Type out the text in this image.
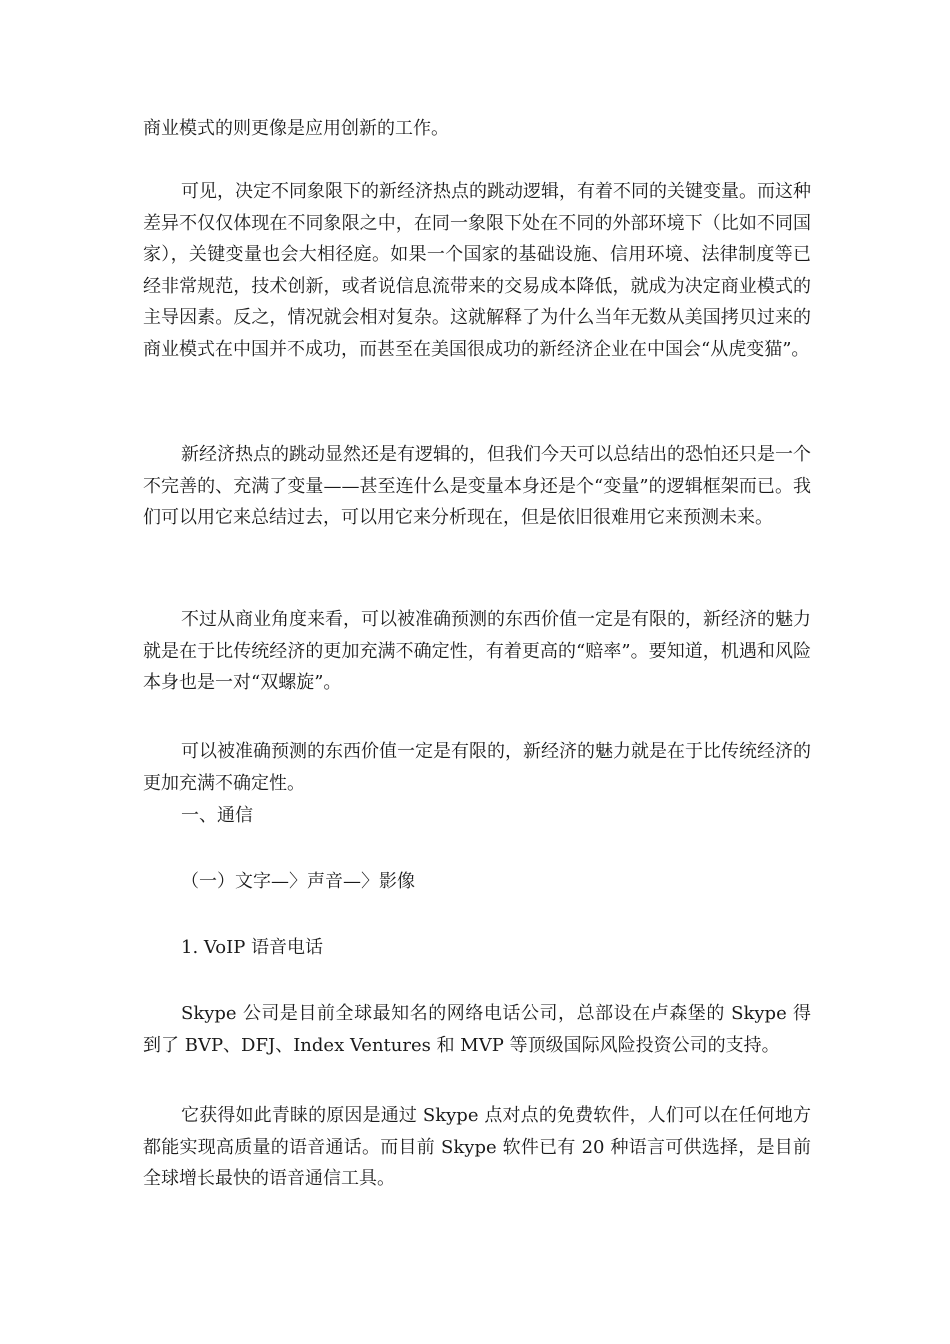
商业模式的则更像是应用创新的工作。

可见，决定不同象限下的新经济热点的跳动逻辑，有着不同的关键变量。而这种差异不仅仅体现在不同象限之中，在同一象限下处在不同的外部环境下（比如不同国家），关键变量也会大相径庭。如果一个国家的基础设施、信用环境、法律制度等已经非常规范，技术创新，或者说信息流带来的交易成本降低，就成为决定商业模式的主导因素。反之，情况就会相对复杂。这就解释了为什么当年无数从美国拷贝过来的商业模式在中国并不成功，而甚至在美国很成功的新经济企业在中国会“从虎变猫”。

新经济热点的跳动显然还是有逻辑的，但我们今天可以总结出的恐怕还只是一个不完善的、充满了变量——甚至连什么是变量本身还是个“变量”的逻辑框架而已。我们可以用它来总结过去，可以用它来分析现在，但是依旧很难用它来预测未来。

不过从商业角度来看，可以被准确预测的东西价值一定是有限的，新经济的魅力就是在于比传统经济的更加充满不确定性，有着更高的“赔率”。要知道，机遇和风险本身也是一对“双螺旋”。

可以被准确预测的东西价值一定是有限的，新经济的魅力就是在于比传统经济的更加充满不确定性。

一、通信

（一）文字—〉声音—〉影像

1. VoIP 语音电话

Skype 公司是目前全球最知名的网络电话公司，总部设在卢森堡的 Skype 得到了 BVP、DFJ、Index Ventures 和 MVP 等顶级国际风险投资公司的支持。

它获得如此青睐的原因是通过 Skype 点对点的免费软件，人们可以在任何地方都能实现高质量的语音通话。而目前 Skype 软件已有 20 种语言可供选择，是目前全球增长最快的语音通信工具。
